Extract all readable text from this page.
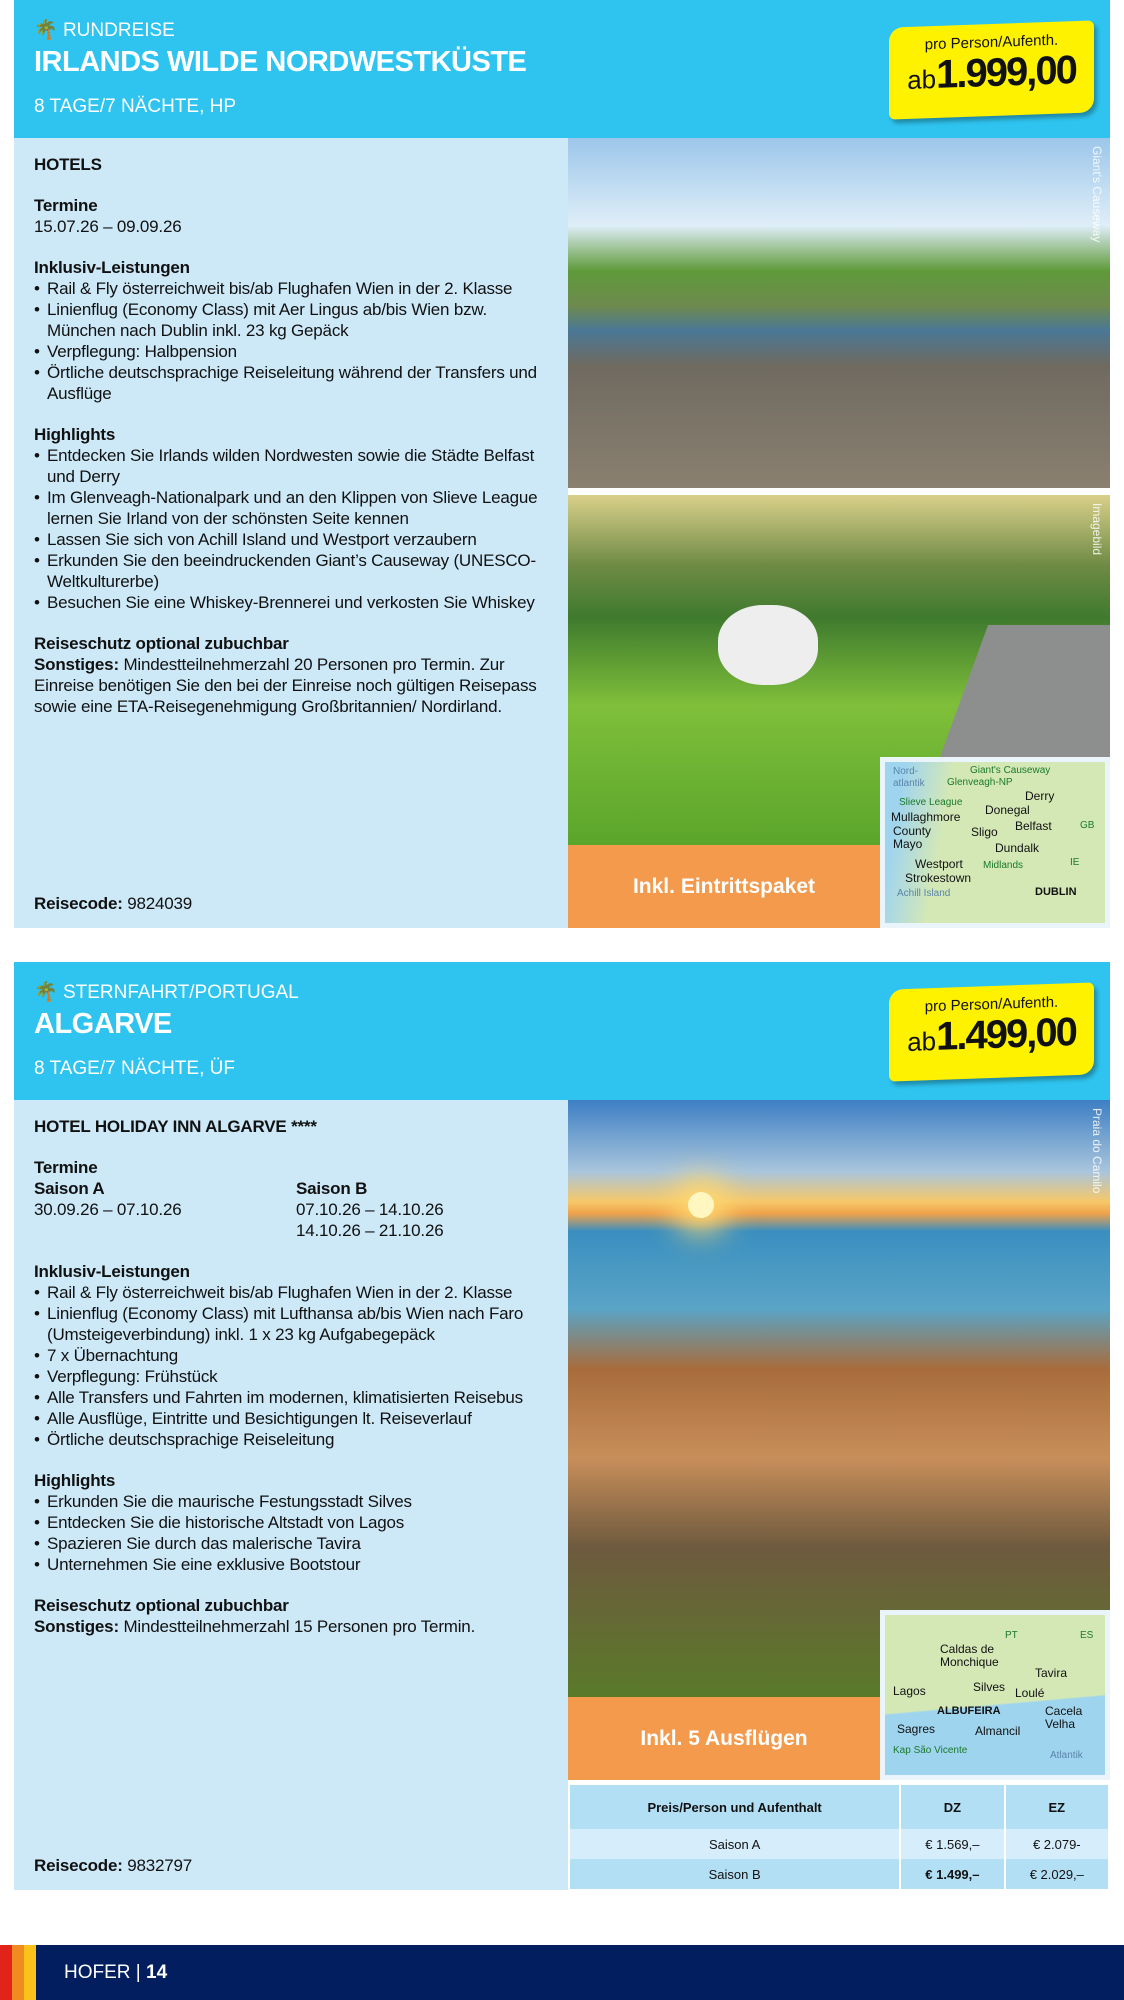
🌴 RUNDREISE
IRLANDS WILDE NORDWESTKÜSTE
8 TAGE/7 NÄCHTE, HP
pro Person/Aufenth.
ab1.999,00
HOTELS
Termine
15.07.26 – 09.09.26
Inklusiv-Leistungen
• Rail & Fly österreichweit bis/ab Flughafen Wien in der 2. Klasse
• Linienflug (Economy Class) mit Aer Lingus ab/bis Wien bzw. München nach Dublin inkl. 23 kg Gepäck
• Verpflegung: Halbpension
• Örtliche deutschsprachige Reiseleitung während der Transfers und Ausflüge
Highlights
• Entdecken Sie Irlands wilden Nordwesten sowie die Städte Belfast und Derry
• Im Glenveagh-Nationalpark und an den Klippen von Slieve League lernen Sie Irland von der schönsten Seite kennen
• Lassen Sie sich von Achill Island und Westport verzaubern
• Erkunden Sie den beeindruckenden Giant’s Causeway (UNESCO-Weltkulturerbe)
• Besuchen Sie eine Whiskey-Brennerei und verkosten Sie Whiskey
Reiseschutz optional zubuchbar
Sonstiges: Mindestteilnehmerzahl 20 Personen pro Termin. Zur Einreise benötigen Sie den bei der Einreise noch gültigen Reisepass sowie eine ETA-Reisegenehmigung Großbritannien/ Nordirland.
Reisecode: 9824039
Giant's Causeway
Imagebild
Inkl. Eintrittspaket
Nord-
atlantik
Giant's Causeway
Glenveagh-NP
Derry
Slieve League
Donegal
Mullaghmore
Belfast	GB
Sligo
County
Mayo	Dundalk
IE
Westport
Strokestown
Midlands
Achill Island	DUBLIN
🌴 STERNFAHRT/PORTUGAL
ALGARVE
8 TAGE/7 NÄCHTE, ÜF
pro Person/Aufenth.
ab1.499,00
HOTEL HOLIDAY INN ALGARVE ****
Termine
Saison A
30.09.26 – 07.10.26
Saison B
07.10.26 – 14.10.26
14.10.26 – 21.10.26
Inklusiv-Leistungen
• Rail & Fly österreichweit bis/ab Flughafen Wien in der 2. Klasse
• Linienflug (Economy Class) mit Lufthansa ab/bis Wien nach Faro (Umsteigeverbindung) inkl. 1 x 23 kg Aufgabegepäck
• 7 x Übernachtung
• Verpflegung: Frühstück
• Alle Transfers und Fahrten im modernen, klimatisierten Reisebus
• Alle Ausflüge, Eintritte und Besichtigungen lt. Reiseverlauf
• Örtliche deutschsprachige Reiseleitung
Highlights
• Erkunden Sie die maurische Festungsstadt Silves
• Entdecken Sie die historische Altstadt von Lagos
• Spazieren Sie durch das malerische Tavira
• Unternehmen Sie eine exklusive Bootstour
Reiseschutz optional zubuchbar
Sonstiges: Mindestteilnehmerzahl 15 Personen pro Termin.
Reisecode: 9832797
Praia do Camilo
Inkl. 5 Ausflügen
PT	ES
Caldas de
Monchique
Tavira
Lagos	Silves Loulé
ALBUFEIRA	Cacela
Velha
Sagres	Almancil
Kap São Vicente	Atlantik
Preis/Person und Aufenthalt	DZ	EZ
Saison A	€ 1.569,–	€ 2.079-
Saison B	€ 1.499,–	€ 2.029,–
HOFER | 14
